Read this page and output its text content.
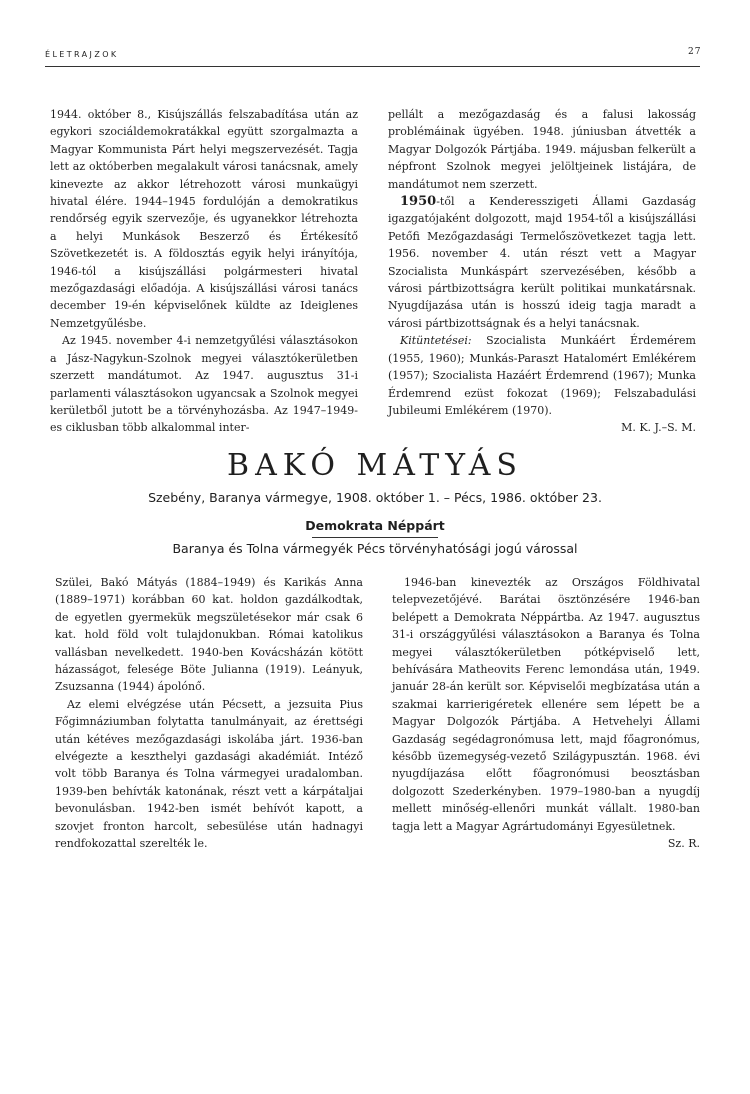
ÉLETRAJZOK	27

1944. október 8., Kisújszállás felszabadítása után az egykori szociáldemokratákkal együtt szorgalmazta a Magyar Kommunista Párt helyi megszervezését. Tagja lett az októberben megalakult városi tanácsnak, amely kinevezte az akkor létrehozott városi munkaügyi hivatal élére. 1944–1945 fordulóján a demokratikus rendőrség egyik szervezője, és ugyanekkor létrehozta a helyi Munkások Beszerző és Értékesítő Szövetkezetét is. A földosztás egyik helyi irányítója, 1946-tól a kisújszállási polgármesteri hivatal mezőgazdasági előadója. A kisújszállási városi tanács december 19-én képviselőnek küldte az Ideiglenes Nemzetgyűlésbe.

Az 1945. november 4-i nemzetgyűlési választásokon a Jász-Nagykun-Szolnok megyei választókerületben szerzett mandátumot. Az 1947. augusztus 31-i parlamenti választásokon ugyancsak a Szolnok megyei kerületből jutott be a törvényhozásba. Az 1947–1949-es ciklusban több alkalommal inter-

pellált a mezőgazdaság és a falusi lakosság problémáinak ügyében. 1948. júniusban átvették a Magyar Dolgozók Pártjába. 1949. májusban felkerült a népfront Szolnok megyei jelöltjeinek listájára, de mandátumot nem szerzett.

1950-től a Kenderesszigeti Állami Gazdaság igazgatójaként dolgozott, majd 1954-től a kisújszállási Petőfi Mezőgazdasági Termelőszövetkezet tagja lett. 1956. november 4. után részt vett a Magyar Szocialista Munkáspárt szervezésében, később a városi pártbizottságra került politikai munkatársnak. Nyugdíjazása után is hosszú ideig tagja maradt a városi pártbizottságnak és a helyi tanácsnak.

Kitüntetései: Szocialista Munkáért Érdemérem (1955, 1960); Munkás-Paraszt Hatalomért Emlékérem (1957); Szocialista Hazáért Érdemrend (1967); Munka Érdemrend ezüst fokozat (1969); Felszabadulási Jubileumi Emlékérem (1970).

M. K. J.–S. M.

BAKÓ MÁTYÁS
Szebény, Baranya vármegye, 1908. október 1. – Pécs, 1986. október 23.
Demokrata Néppárt
Baranya és Tolna vármegyék Pécs törvényhatósági jogú várossal

Szülei, Bakó Mátyás (1884–1949) és Karikás Anna (1889–1971) korábban 60 kat. holdon gazdálkodtak, de egyetlen gyermekük megszületésekor már csak 6 kat. hold föld volt tulajdonukban. Római katolikus vallásban nevelkedett. 1940-ben Kovácsházán kötött házasságot, felesége Böte Julianna (1919). Leányuk, Zsuzsanna (1944) ápolónő.

Az elemi elvégzése után Pécsett, a jezsuita Pius Főgimnáziumban folytatta tanulmányait, az érettségi után kétéves mezőgazdasági iskolába járt. 1936-ban elvégezte a keszthelyi gazdasági akadémiát. Intéző volt több Baranya és Tolna vármegyei uradalomban. 1939-ben behívták katonának, részt vett a kárpátaljai bevonulásban. 1942-ben ismét behívót kapott, a szovjet fronton harcolt, sebesülése után hadnagyi rendfokozattal szerelték le.

1946-ban kinevezték az Országos Földhivatal telepvezetőjévé. Barátai ösztönzésére 1946-ban belépett a Demokrata Néppártba. Az 1947. augusztus 31-i országgyűlési választásokon a Baranya és Tolna megyei választókerületben pótképviselő lett, behívására Matheovits Ferenc lemondása után, 1949. január 28-án került sor. Képviselői megbízatása után a szakmai karrierigéretek ellenére sem lépett be a Magyar Dolgozók Pártjába. A Hetvehelyi Állami Gazdaság segédagronómusa lett, majd főagronómus, később üzemegység-vezető Szilágypusztán. 1968. évi nyugdíjazása előtt főagronómusi beosztásban dolgozott Szederkényben. 1979–1980-ban a nyugdíj mellett minőség-ellenőri munkát vállalt. 1980-ban tagja lett a Magyar Agrártudományi Egyesületnek.

Sz. R.
